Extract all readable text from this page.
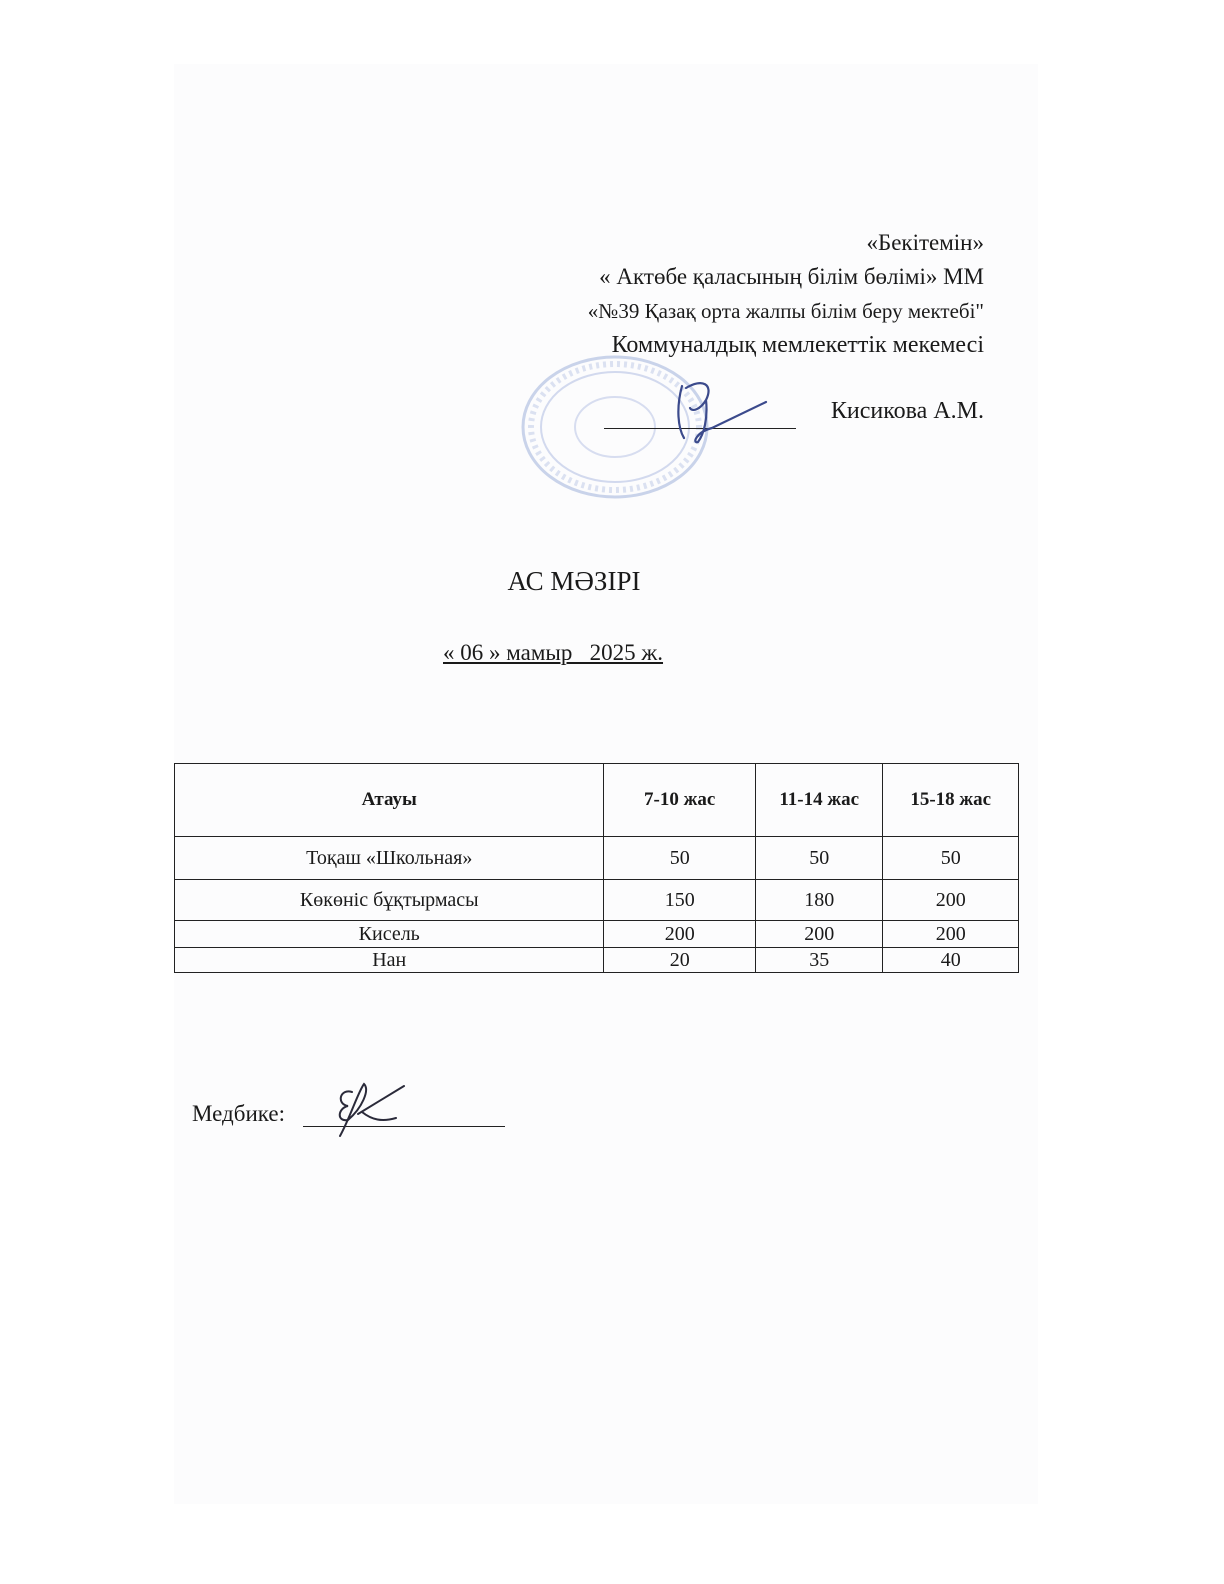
«Бекітемін»
« Актөбе қаласының білім бөлімі» ММ
«№39 Қазақ орта жалпы білім беру мектебі"
Коммуналдық мемлекеттік мекемесі
Кисикова А.М.
АС МӘЗІРІ
« 06 » мамыр   2025 ж.
Атауы	7-10 жас	11-14 жас	15-18 жас
Тоқаш «Школьная»	50	50	50
Көкөніс бұқтырмасы	150	180	200
Кисель	200	200	200
Нан	20	35	40
Медбике:
